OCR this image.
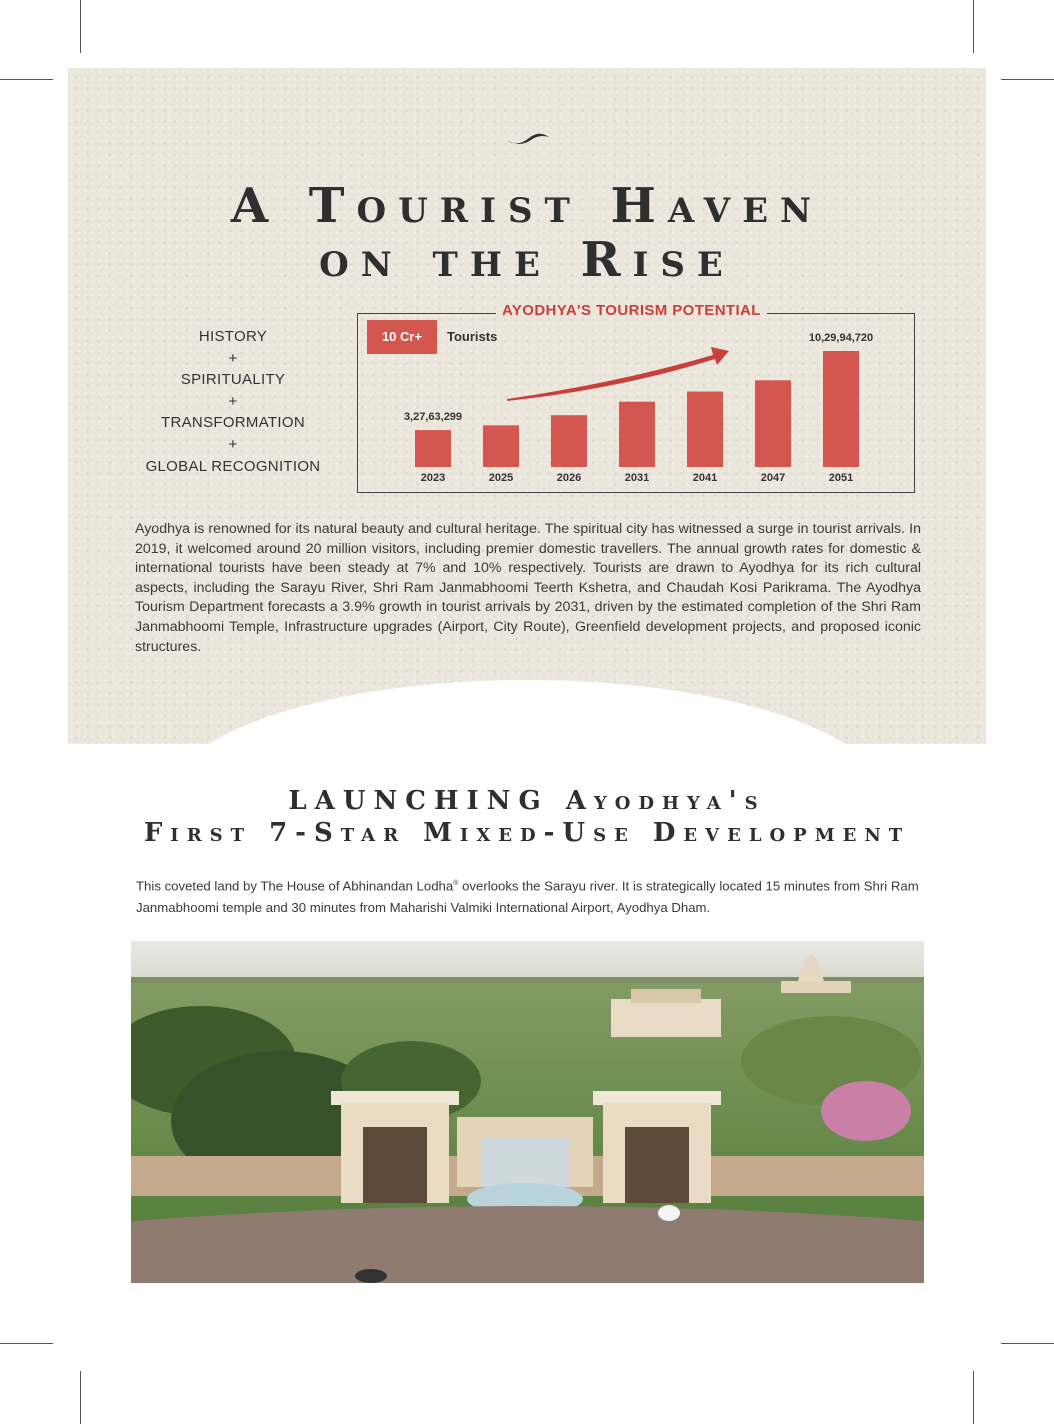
A Tourist Haven
on the Rise
HISTORY
+
SPIRITUALITY
+
TRANSFORMATION
+
GLOBAL RECOGNITION
AYODHYA'S TOURISM POTENTIAL
10 Cr+	Tourists
2023
3,27,63,299
2025	2026	2031	2041	2047	2051
10,29,94,720
Ayodhya is renowned for its natural beauty and cultural heritage. The spiritual city has witnessed a surge in tourist arrivals. In 2019, it welcomed around 20 million visitors, including premier domestic travellers. The annual growth rates for domestic & international tourists have been steady at 7% and 10% respectively. Tourists are drawn to Ayodhya for its rich cultural aspects, including the Sarayu River, Shri Ram Janmabhoomi Teerth Kshetra, and Chaudah Kosi Parikrama. The Ayodhya Tourism Department forecasts a 3.9% growth in tourist arrivals by 2031, driven by the estimated completion of the Shri Ram Janmabhoomi Temple, Infrastructure upgrades (Airport, City Route), Greenfield development projects, and proposed iconic structures.
LAUNCHING Ayodhya's
First 7-Star Mixed-Use Development
This coveted land by The House of Abhinandan Lodha® overlooks the Sarayu river. It is strategically located 15 minutes from Shri Ram Janmabhoomi temple and 30 minutes from Maharishi Valmiki International Airport, Ayodhya Dham.
